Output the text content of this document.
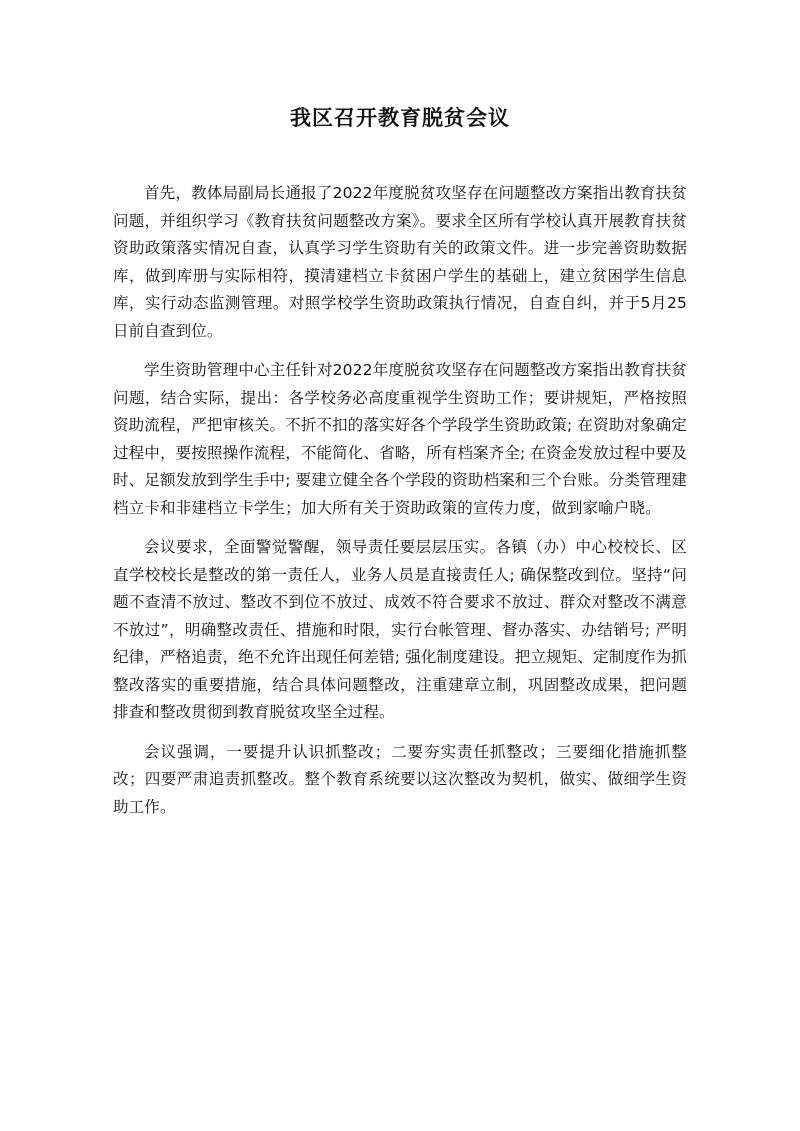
我区召开教育脱贫会议

首先，教体局副局长通报了2022年度脱贫攻坚存在问题整改方案指出教育扶贫问题，并组织学习《教育扶贫问题整改方案》。要求全区所有学校认真开展教育扶贫资助政策落实情况自查，认真学习学生资助有关的政策文件。进一步完善资助数据库，做到库册与实际相符，摸清建档立卡贫困户学生的基础上，建立贫困学生信息库，实行动态监测管理。对照学校学生资助政策执行情况，自查自纠，并于5月25日前自查到位。

学生资助管理中心主任针对2022年度脱贫攻坚存在问题整改方案指出教育扶贫问题，结合实际，提出：各学校务必高度重视学生资助工作；要讲规矩，严格按照资助流程，严把审核关。不折不扣的落实好各个学段学生资助政策; 在资助对象确定过程中，要按照操作流程，不能简化、省略，所有档案齐全; 在资金发放过程中要及时、足额发放到学生手中; 要建立健全各个学段的资助档案和三个台账。分类管理建档立卡和非建档立卡学生；加大所有关于资助政策的宣传力度，做到家喻户晓。

会议要求，全面警觉警醒，领导责任要层层压实。各镇（办）中心校校长、区直学校校长是整改的第一责任人，业务人员是直接责任人; 确保整改到位。坚持“问题不查清不放过、整改不到位不放过、成效不符合要求不放过、群众对整改不满意不放过”，明确整改责任、措施和时限，实行台帐管理、督办落实、办结销号; 严明纪律，严格追责，绝不允许出现任何差错; 强化制度建设。把立规矩、定制度作为抓整改落实的重要措施，结合具体问题整改，注重建章立制，巩固整改成果，把问题排查和整改贯彻到教育脱贫攻坚全过程。

会议强调，一要提升认识抓整改；二要夯实责任抓整改；三要细化措施抓整改；四要严肃追责抓整改。整个教育系统要以这次整改为契机，做实、做细学生资助工作。
